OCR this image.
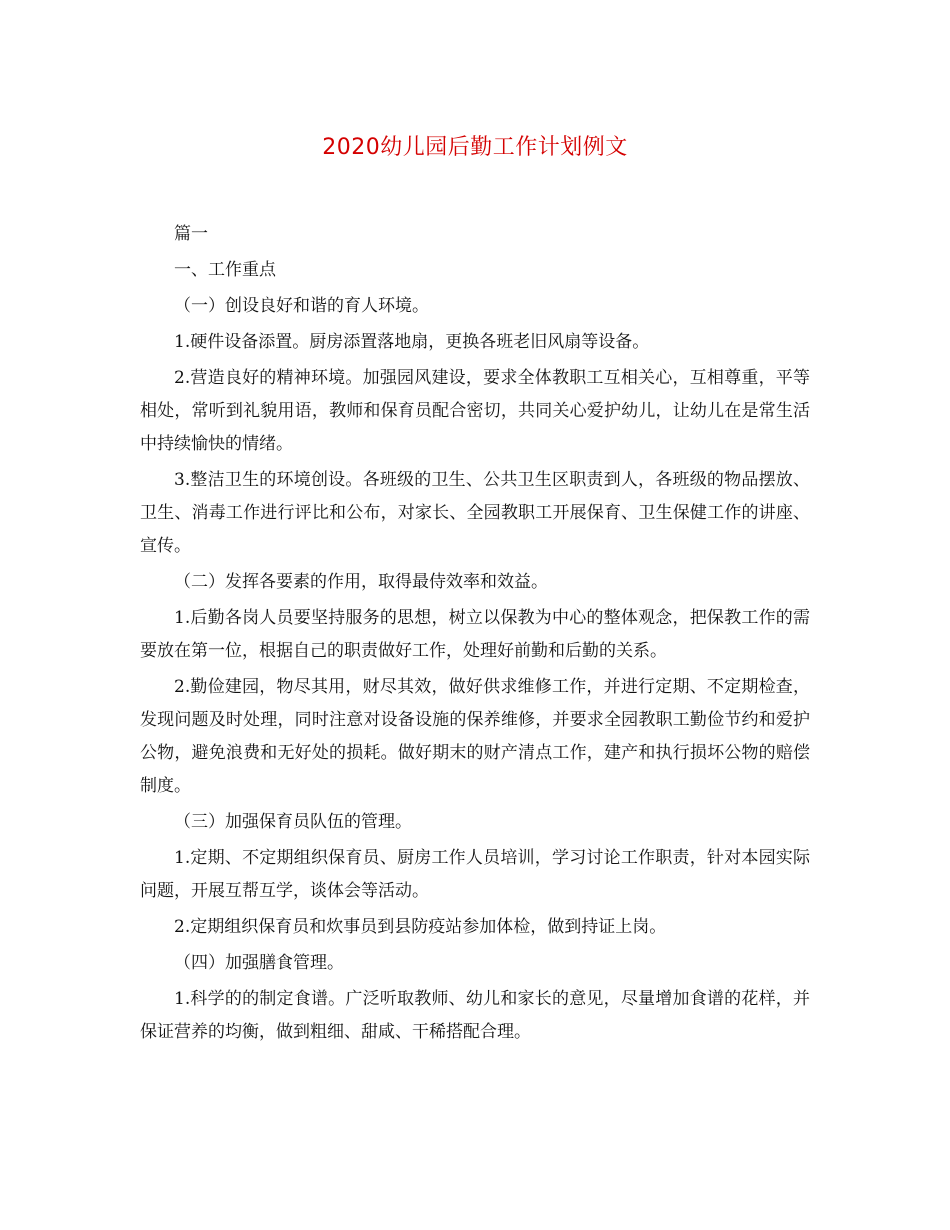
2020幼儿园后勤工作计划例文

篇一

一、工作重点

（一）创设良好和谐的育人环境。

1.硬件设备添置。厨房添置落地扇，更换各班老旧风扇等设备。

2.营造良好的精神环境。加强园风建设，要求全体教职工互相关心，互相尊重，平等相处，常听到礼貌用语，教师和保育员配合密切，共同关心爱护幼儿，让幼儿在是常生活中持续愉快的情绪。

3.整洁卫生的环境创设。各班级的卫生、公共卫生区职责到人，各班级的物品摆放、卫生、消毒工作进行评比和公布，对家长、全园教职工开展保育、卫生保健工作的讲座、宣传。

（二）发挥各要素的作用，取得最侍效率和效益。

1.后勤各岗人员要坚持服务的思想，树立以保教为中心的整体观念，把保教工作的需要放在第一位，根据自己的职责做好工作，处理好前勤和后勤的关系。

2.勤俭建园，物尽其用，财尽其效，做好供求维修工作，并进行定期、不定期检查，发现问题及时处理，同时注意对设备设施的保养维修，并要求全园教职工勤俭节约和爱护公物，避免浪费和无好处的损耗。做好期末的财产清点工作，建产和执行损坏公物的赔偿制度。

（三）加强保育员队伍的管理。

1.定期、不定期组织保育员、厨房工作人员培训，学习讨论工作职责，针对本园实际问题，开展互帮互学，谈体会等活动。

2.定期组织保育员和炊事员到县防疫站参加体检，做到持证上岗。

（四）加强膳食管理。

1.科学的的制定食谱。广泛听取教师、幼儿和家长的意见，尽量增加食谱的花样，并保证营养的均衡，做到粗细、甜咸、干稀搭配合理。
